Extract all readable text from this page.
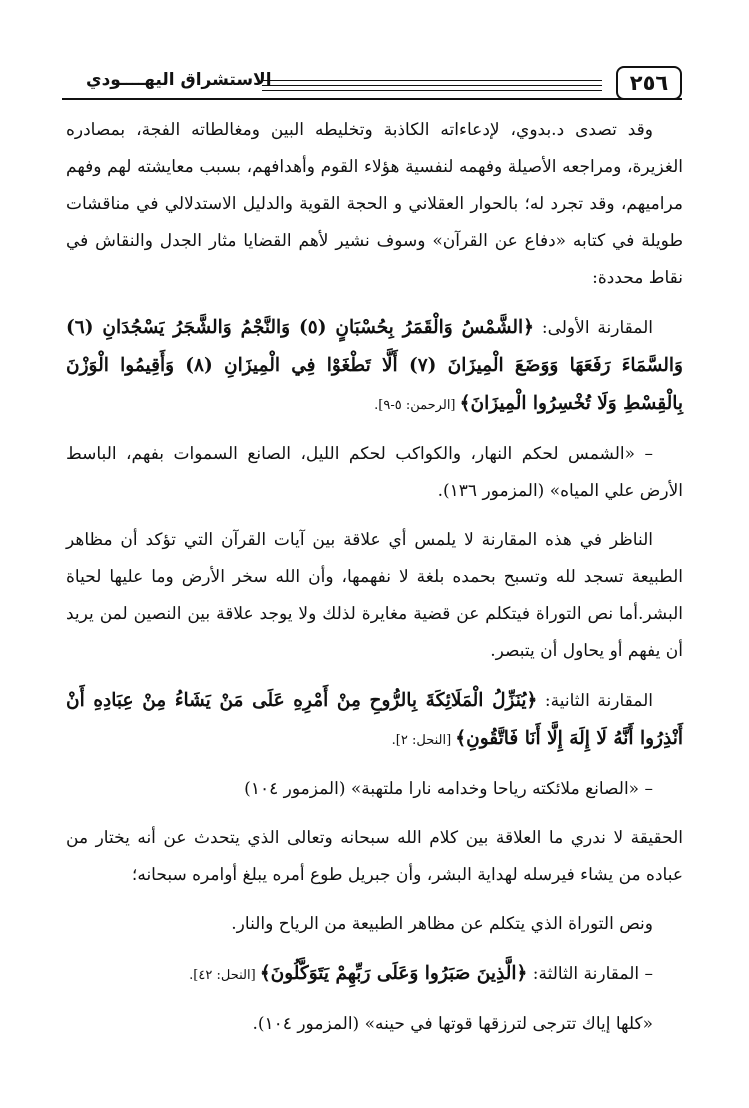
الاستشراق اليهــــودي	٢٥٦

وقد تصدى د.بدوي، لإدعاءاته الكاذبة وتخليطه البين ومغالطاته الفجة، بمصادره الغزيرة، ومراجعه الأصيلة وفهمه لنفسية هؤلاء القوم وأهدافهم، بسبب معايشته لهم وفهم مراميهم، وقد تجرد له؛ بالحوار العقلاني و الحجة القوية والدليل الاستدلالي في مناقشات طويلة في كتابه «دفاع عن القرآن» وسوف نشير لأهم القضايا مثار الجدل والنقاش في نقاط محددة:

المقارنة الأولى: ﴿الشَّمْسُ وَالْقَمَرُ بِحُسْبَانٍ (٥) وَالنَّجْمُ وَالشَّجَرُ يَسْجُدَانِ (٦) وَالسَّمَاءَ رَفَعَهَا وَوَضَعَ الْمِيزَانَ (٧) أَلَّا تَطْغَوْا فِي الْمِيزَانِ (٨) وَأَقِيمُوا الْوَزْنَ بِالْقِسْطِ وَلَا تُخْسِرُوا الْمِيزَانَ﴾ [الرحمن: ٥-٩].

– «الشمس لحكم النهار، والكواكب لحكم الليل، الصانع السموات بفهم، الباسط الأرض علي المياه» (المزمور ١٣٦).

الناظر في هذه المقارنة لا يلمس أي علاقة بين آيات القرآن التي تؤكد أن مظاهر الطبيعة تسجد لله وتسبح بحمده بلغة لا نفهمها، وأن الله سخر الأرض وما عليها لحياة البشر.أما نص التوراة فيتكلم عن قضية مغايرة لذلك ولا يوجد علاقة بين النصين لمن يريد أن يفهم أو يحاول أن يتبصر.

المقارنة الثانية: ﴿يُنَزِّلُ الْمَلَائِكَةَ بِالرُّوحِ مِنْ أَمْرِهِ عَلَى مَنْ يَشَاءُ مِنْ عِبَادِهِ أَنْ أَنْذِرُوا أَنَّهُ لَا إِلَهَ إِلَّا أَنَا فَاتَّقُونِ﴾ [النحل: ٢].

– «الصانع ملائكته رياحا وخدامه نارا ملتهبة» (المزمور ١٠٤)

الحقيقة لا ندري ما العلاقة بين كلام الله سبحانه وتعالى الذي يتحدث عن أنه يختار من عباده من يشاء فيرسله لهداية البشر، وأن جبريل طوع أمره يبلغ أوامره سبحانه؛

ونص التوراة الذي يتكلم عن مظاهر الطبيعة من الرياح والنار.

– المقارنة الثالثة: ﴿الَّذِينَ صَبَرُوا وَعَلَى رَبِّهِمْ يَتَوَكَّلُونَ﴾ [النحل: ٤٢].

«كلها إياك تترجى لترزقها قوتها في حينه» (المزمور ١٠٤).
